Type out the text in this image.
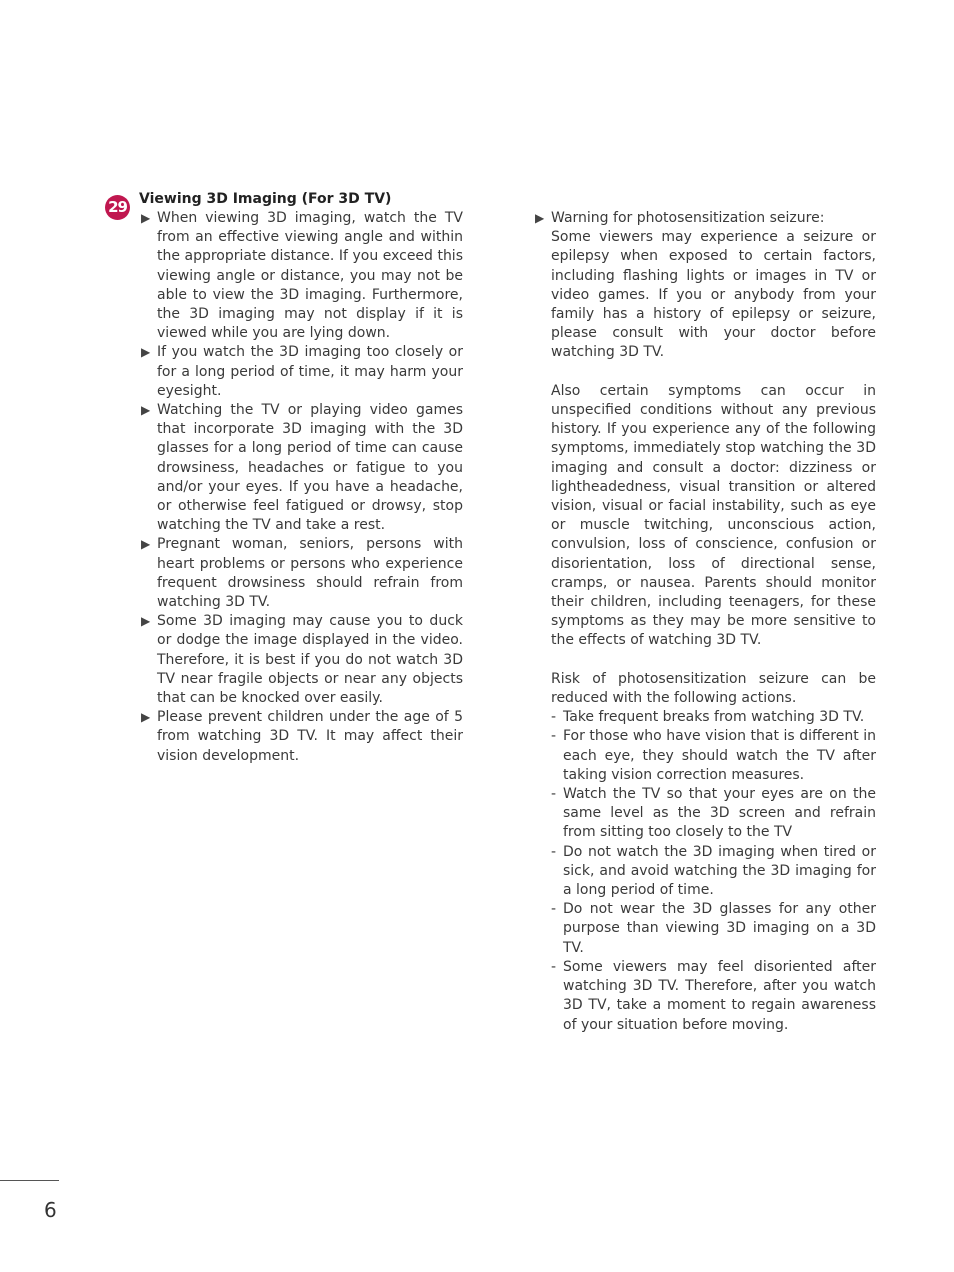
29 Viewing 3D Imaging (For 3D TV)
▶ When viewing 3D imaging, watch the TV from an effective viewing angle and within the appropriate distance. If you exceed this viewing angle or distance, you may not be able to view the 3D imaging. Furthermore, the 3D imaging may not display if it is viewed while you are lying down.
▶ If you watch the 3D imaging too closely or for a long period of time, it may harm your eyesight.
▶ Watching the TV or playing video games that incorporate 3D imaging with the 3D glasses for a long period of time can cause drowsiness, headaches or fatigue to you and/or your eyes. If you have a headache, or otherwise feel fatigued or drowsy, stop watching the TV and take a rest.
▶ Pregnant woman, seniors, persons with heart problems or persons who experience frequent drowsiness should refrain from watching 3D TV.
▶ Some 3D imaging may cause you to duck or dodge the image displayed in the video. Therefore, it is best if you do not watch 3D TV near fragile objects or near any objects that can be knocked over easily.
▶ Please prevent children under the age of 5 from watching 3D TV. It may affect their vision development.
▶ Warning for photosensitization seizure:
Some viewers may experience a seizure or epilepsy when exposed to certain factors, including flashing lights or images in TV or video games. If you or anybody from your family has a history of epilepsy or seizure, please consult with your doctor before watching 3D TV.
Also certain symptoms can occur in unspecified conditions without any previous history. If you experience any of the following symptoms, immediately stop watching the 3D imaging and consult a doctor: dizziness or lightheadedness, visual transition or altered vision, visual or facial instability, such as eye or muscle twitching, unconscious action, convulsion, loss of conscience, confusion or disorientation, loss of directional sense, cramps, or nausea. Parents should monitor their children, including teenagers, for these symptoms as they may be more sensitive to the effects of watching 3D TV.
Risk of photosensitization seizure can be reduced with the following actions.
- Take frequent breaks from watching 3D TV.
- For those who have vision that is different in each eye, they should watch the TV after taking vision correction measures.
- Watch the TV so that your eyes are on the same level as the 3D screen and refrain from sitting too closely to the TV
- Do not watch the 3D imaging when tired or sick, and avoid watching the 3D imaging for a long period of time.
- Do not wear the 3D glasses for any other purpose than viewing 3D imaging on a 3D TV.
- Some viewers may feel disoriented after watching 3D TV. Therefore, after you watch 3D TV, take a moment to regain awareness of your situation before moving.
6
